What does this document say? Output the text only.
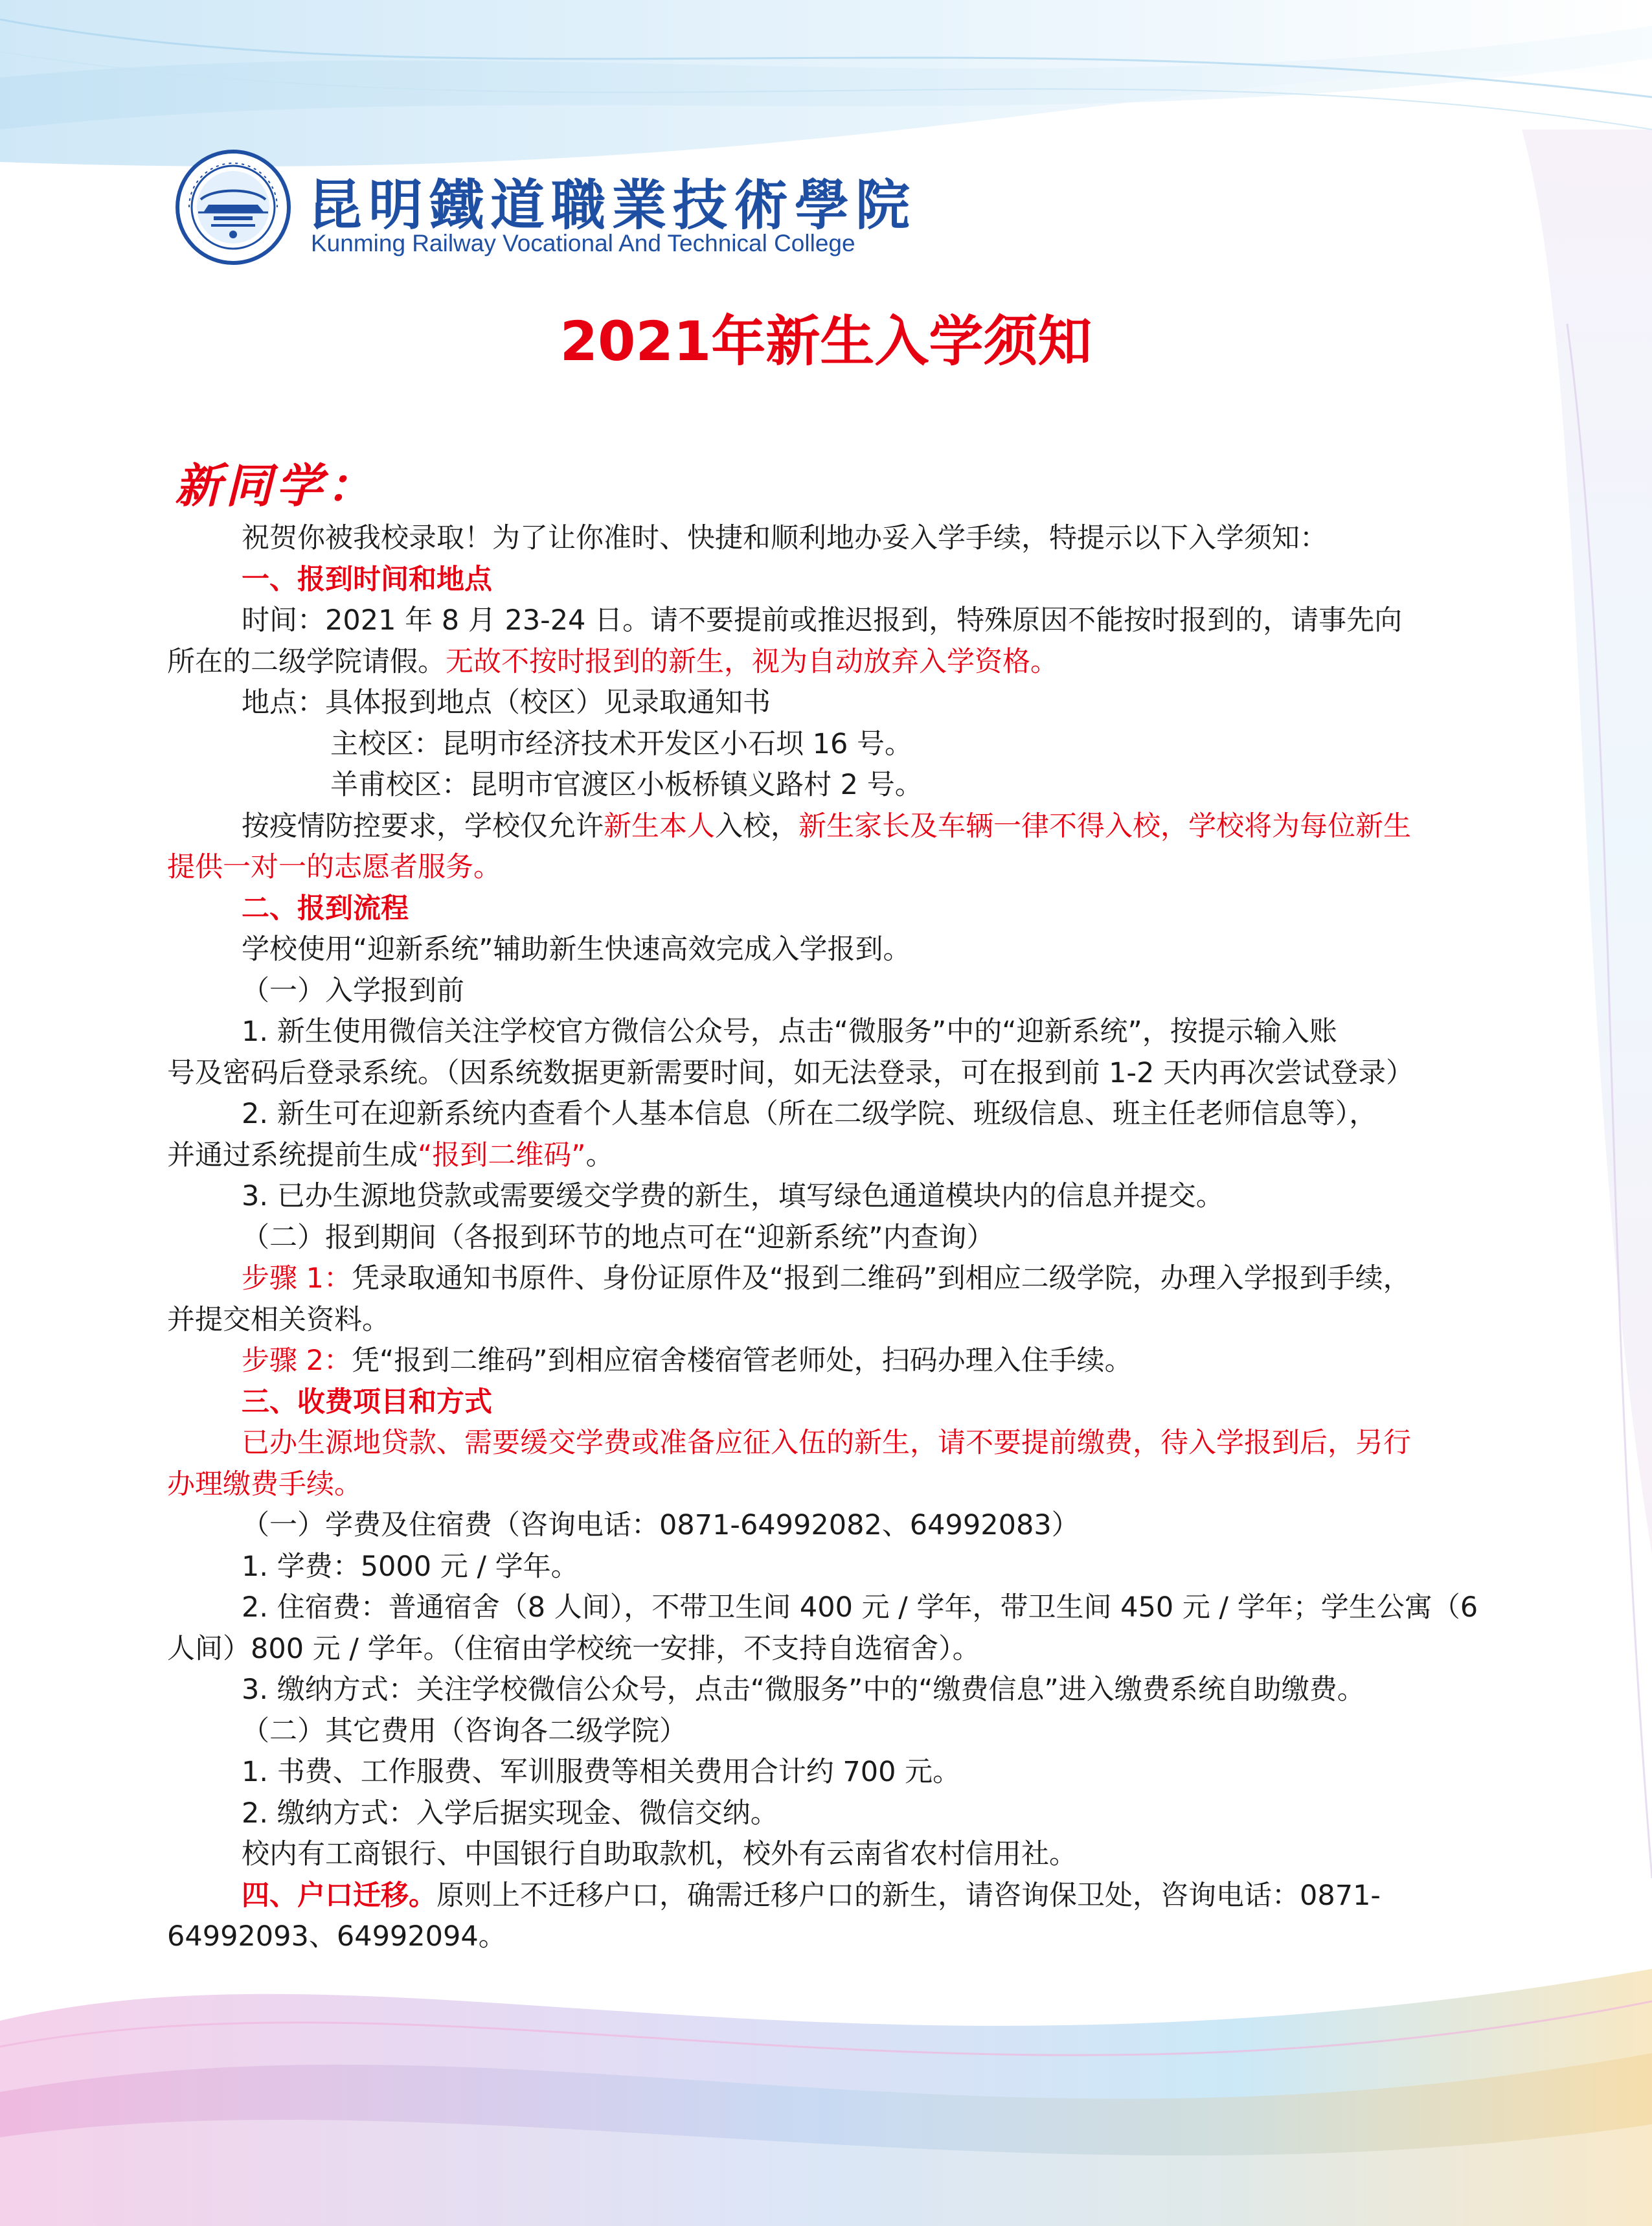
昆明鐵道職業技術學院
Kunming Railway Vocational And Technical College
2021年新生入学须知
新同学：
祝贺你被我校录取！为了让你准时、快捷和顺利地办妥入学手续，特提示以下入学须知：
一、报到时间和地点
时间：2021 年 8 月 23-24 日。请不要提前或推迟报到，特殊原因不能按时报到的，请事先向
所在的二级学院请假。无故不按时报到的新生，视为自动放弃入学资格。
地点：具体报到地点（校区）见录取通知书
主校区：昆明市经济技术开发区小石坝 16 号。
羊甫校区：昆明市官渡区小板桥镇义路村 2 号。
按疫情防控要求，学校仅允许新生本人入校，新生家长及车辆一律不得入校，学校将为每位新生
提供一对一的志愿者服务。
二、报到流程
学校使用“迎新系统”辅助新生快速高效完成入学报到。
（一）入学报到前
1. 新生使用微信关注学校官方微信公众号，点击“微服务”中的“迎新系统”，按提示输入账
号及密码后登录系统。（因系统数据更新需要时间，如无法登录，可在报到前 1-2 天内再次尝试登录）
2. 新生可在迎新系统内查看个人基本信息（所在二级学院、班级信息、班主任老师信息等），
并通过系统提前生成“报到二维码”。
3. 已办生源地贷款或需要缓交学费的新生，填写绿色通道模块内的信息并提交。
（二）报到期间（各报到环节的地点可在“迎新系统”内查询）
步骤 1：凭录取通知书原件、身份证原件及“报到二维码”到相应二级学院，办理入学报到手续，
并提交相关资料。
步骤 2：凭“报到二维码”到相应宿舍楼宿管老师处，扫码办理入住手续。
三、收费项目和方式
已办生源地贷款、需要缓交学费或准备应征入伍的新生，请不要提前缴费，待入学报到后，另行
办理缴费手续。
（一）学费及住宿费（咨询电话：0871-64992082、64992083）
1. 学费：5000 元 / 学年。
2. 住宿费：普通宿舍（8 人间），不带卫生间 400 元 / 学年，带卫生间 450 元 / 学年；学生公寓（6
人间）800 元 / 学年。（住宿由学校统一安排，不支持自选宿舍）。
3. 缴纳方式：关注学校微信公众号，点击“微服务”中的“缴费信息”进入缴费系统自助缴费。
（二）其它费用（咨询各二级学院）
1. 书费、工作服费、军训服费等相关费用合计约 700 元。
2. 缴纳方式：入学后据实现金、微信交纳。
校内有工商银行、中国银行自助取款机，校外有云南省农村信用社。
四、户口迁移。原则上不迁移户口，确需迁移户口的新生，请咨询保卫处，咨询电话：0871-
64992093、64992094。
